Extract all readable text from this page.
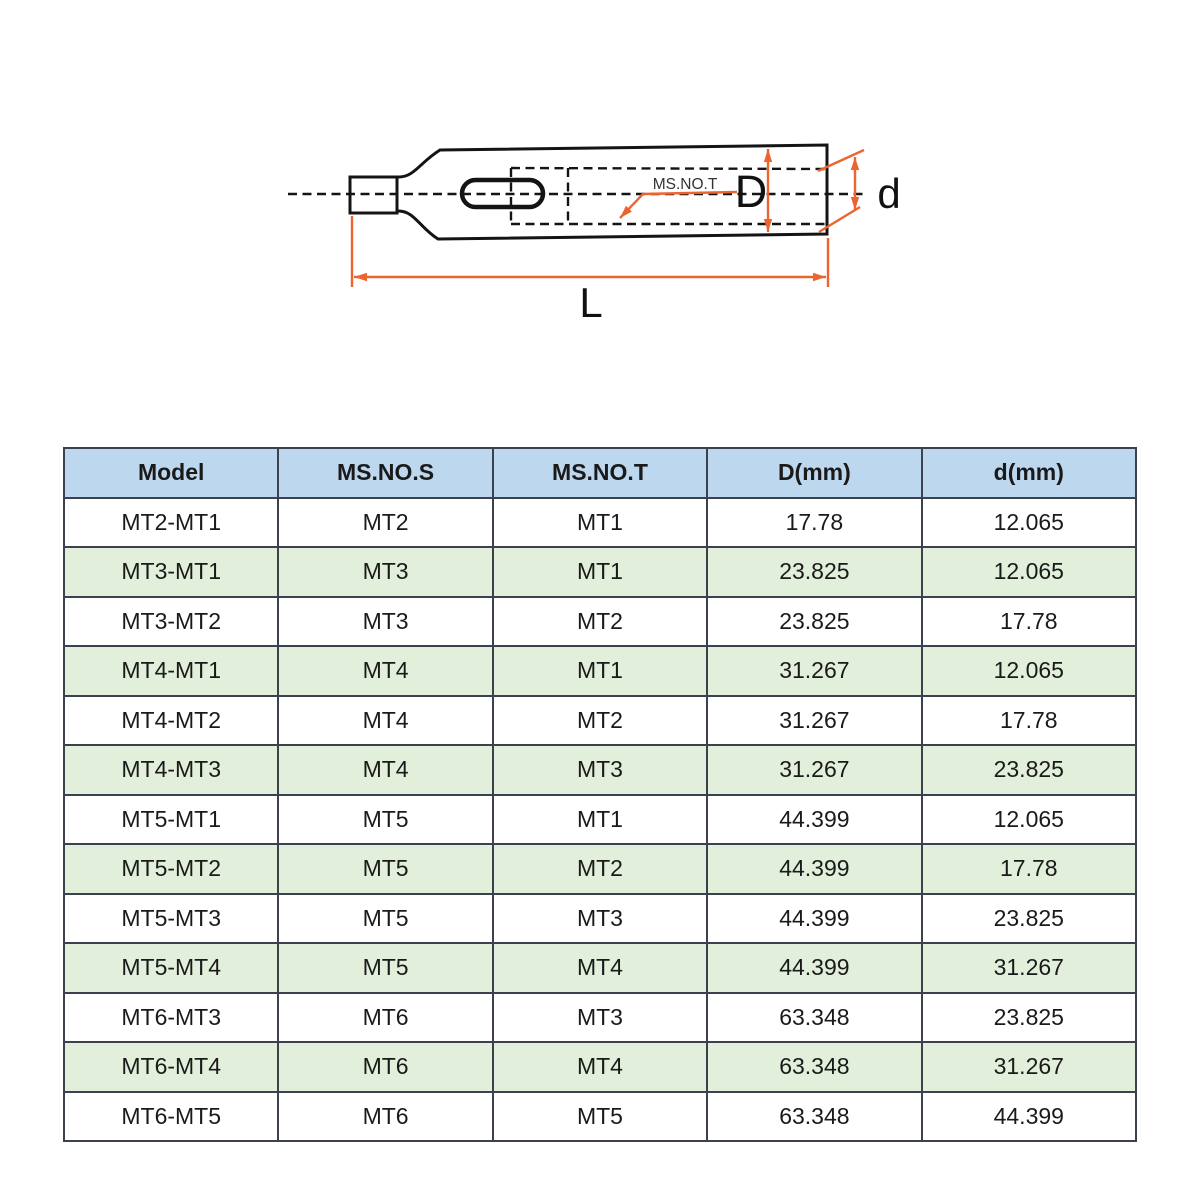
MS.NO.T D	d
L
Model	MS.NO.S	MS.NO.T	D(mm)	d(mm)
MT2-MT1	MT2	MT1	17.78	12.065
MT3-MT1	MT3	MT1	23.825	12.065
MT3-MT2	MT3	MT2	23.825	17.78
MT4-MT1	MT4	MT1	31.267	12.065
MT4-MT2	MT4	MT2	31.267	17.78
MT4-MT3	MT4	MT3	31.267	23.825
MT5-MT1	MT5	MT1	44.399	12.065
MT5-MT2	MT5	MT2	44.399	17.78
MT5-MT3	MT5	MT3	44.399	23.825
MT5-MT4	MT5	MT4	44.399	31.267
MT6-MT3	MT6	MT3	63.348	23.825
MT6-MT4	MT6	MT4	63.348	31.267
MT6-MT5	MT6	MT5	63.348	44.399
